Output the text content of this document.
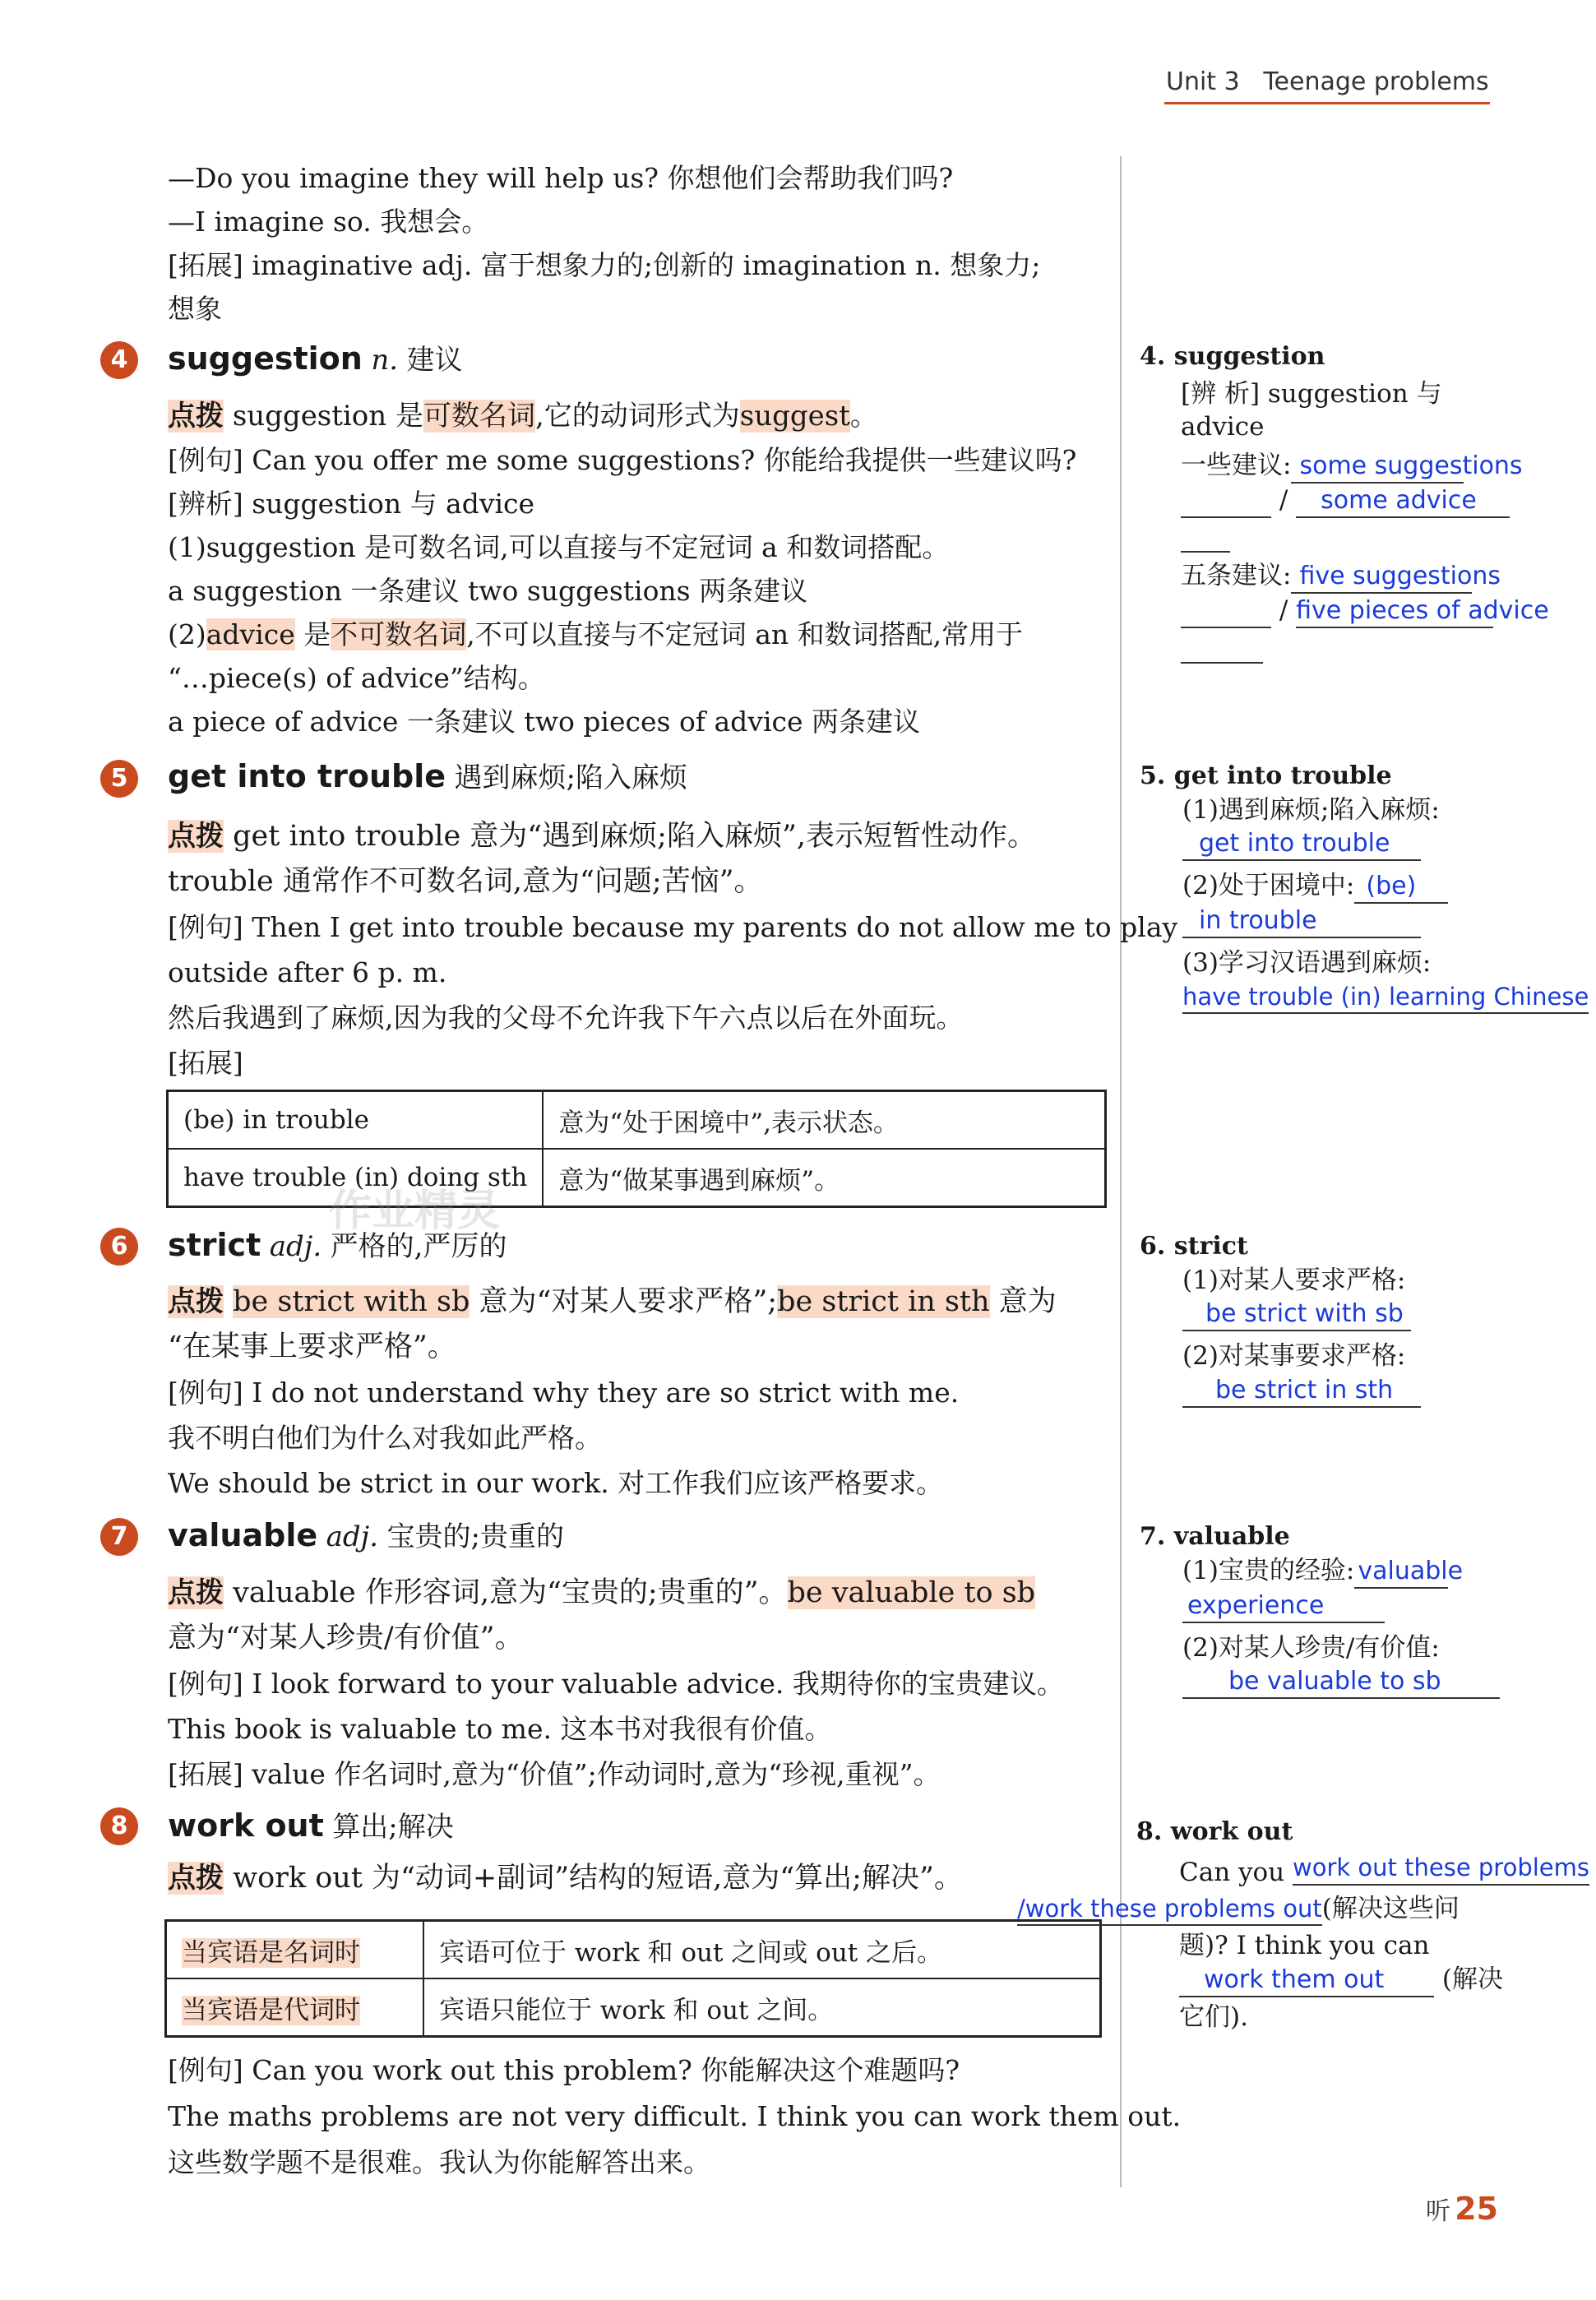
Unit 3 Teenage problems
—Do you imagine they will help us? 你想他们会帮助我们吗?
—I imagine so. 我想会。
[拓展] imaginative adj. 富于想象力的;创新的 imagination n. 想象力;
想象
4	suggestion n. 建议
点拨 suggestion 是可数名词,它的动词形式为suggest。
[例句] Can you offer me some suggestions? 你能给我提供一些建议吗?
[辨析] suggestion 与 advice
(1)suggestion 是可数名词,可以直接与不定冠词 a 和数词搭配。
a suggestion 一条建议 two suggestions 两条建议
(2)advice 是不可数名词,不可以直接与不定冠词 an 和数词搭配,常用于
“…piece(s) of advice”结构。
a piece of advice 一条建议 two pieces of advice 两条建议
5	get into trouble 遇到麻烦;陷入麻烦
点拨 get into trouble 意为“遇到麻烦;陷入麻烦”,表示短暂性动作。
trouble 通常作不可数名词,意为“问题;苦恼”。
[例句] Then I get into trouble because my parents do not allow me to play
outside after 6 p. m.
然后我遇到了麻烦,因为我的父母不允许我下午六点以后在外面玩。
[拓展]
(be) in trouble	意为“处于困境中”,表示状态。
have trouble (in) doing sth	意为“做某事遇到麻烦”。
作业精灵
6	strict adj. 严格的,严厉的
点拨 be strict with sb 意为“对某人要求严格”;be strict in sth 意为
“在某事上要求严格”。
[例句] I do not understand why they are so strict with me.
我不明白他们为什么对我如此严格。
We should be strict in our work. 对工作我们应该严格要求。
7	valuable adj. 宝贵的;贵重的
点拨 valuable 作形容词,意为“宝贵的;贵重的”。be valuable to sb
意为“对某人珍贵/有价值”。
[例句] I look forward to your valuable advice. 我期待你的宝贵建议。
This book is valuable to me. 这本书对我很有价值。
[拓展] value 作名词时,意为“价值”;作动词时,意为“珍视,重视”。
8	work out 算出;解决
点拨 work out 为“动词+副词”结构的短语,意为“算出;解决”。
当宾语是名词时	宾语可位于 work 和 out 之间或 out 之后。
当宾语是代词时	宾语只能位于 work 和 out 之间。
[例句] Can you work out this problem? 你能解决这个难题吗?
The maths problems are not very difficult. I think you can work them out.
这些数学题不是很难。我认为你能解答出来。
4. suggestion
[辨 析] suggestion 与
advice
一些建议: some suggestions
/ some advice

五条建议: five suggestions
/ five pieces of advice

5. get into trouble
(1)遇到麻烦;陷入麻烦:
get into trouble
(2)处于困境中: (be)
in trouble
(3)学习汉语遇到麻烦:
have trouble (in) learning Chinese
6. strict
(1)对某人要求严格:
be strict with sb
(2)对某事要求严格:
be strict in sth
7. valuable
(1)宝贵的经验: valuable
experience
(2)对某人珍贵/有价值:
be valuable to sb
8. work out
Can you work out these problems
/work these problems out(解决这些问
题)? I think you can
work them out (解决
它们).
听 25
